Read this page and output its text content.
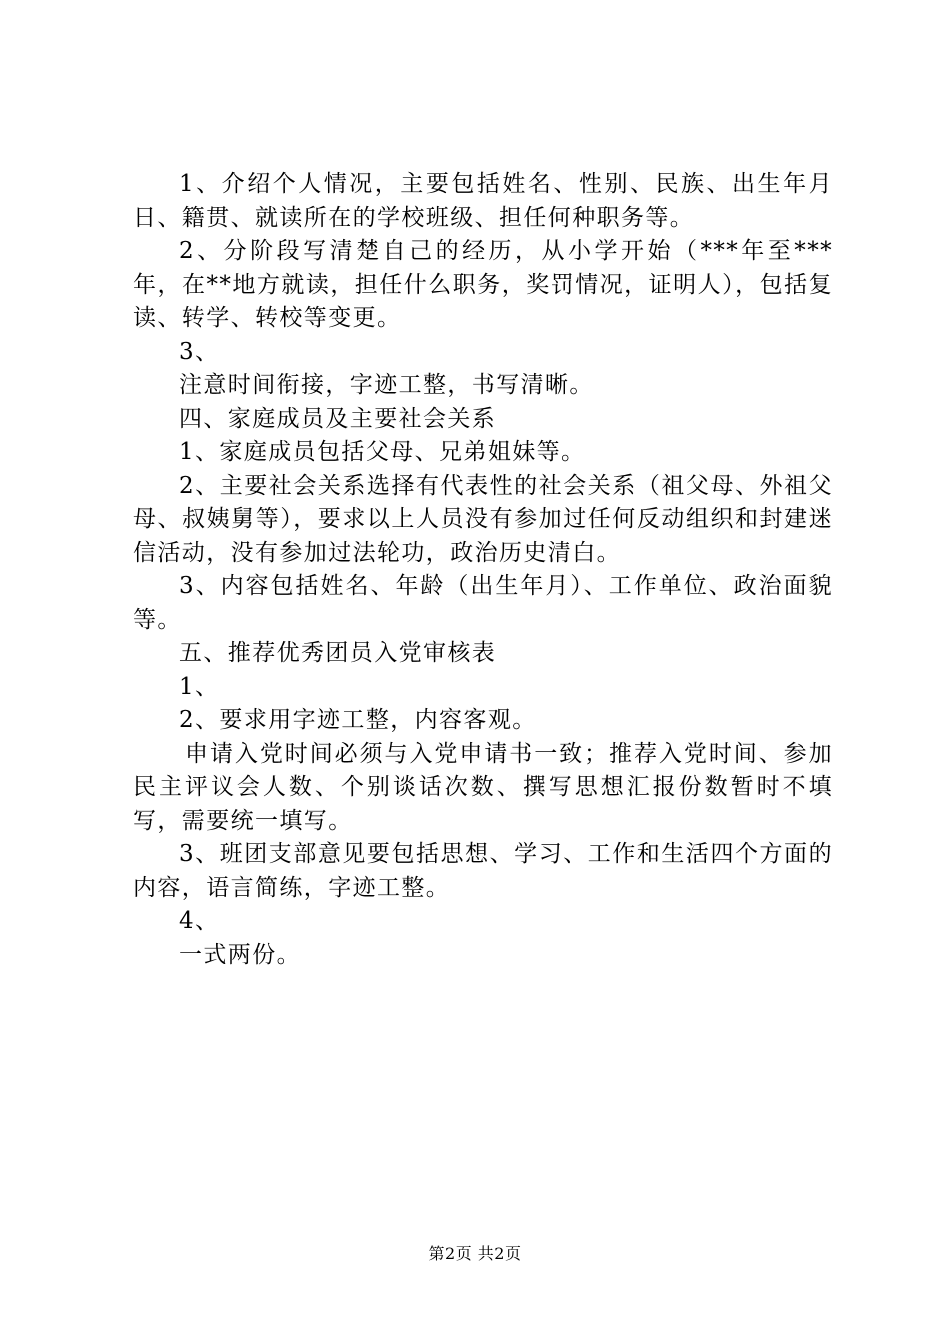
1、介绍个人情况，主要包括姓名、性别、民族、出生年月日、籍贯、就读所在的学校班级、担任何种职务等。

2、分阶段写清楚自己的经历，从小学开始（***年至***年，在**地方就读，担任什么职务，奖罚情况，证明人），包括复读、转学、转校等变更。

3、

注意时间衔接，字迹工整，书写清晰。

四、家庭成员及主要社会关系

1、家庭成员包括父母、兄弟姐妹等。

2、主要社会关系选择有代表性的社会关系（祖父母、外祖父母、叔姨舅等），要求以上人员没有参加过任何反动组织和封建迷信活动，没有参加过法轮功，政治历史清白。

3、内容包括姓名、年龄（出生年月）、工作单位、政治面貌等。

五、推荐优秀团员入党审核表

1、

2、要求用字迹工整，内容客观。

申请入党时间必须与入党申请书一致；推荐入党时间、参加民主评议会人数、个别谈话次数、撰写思想汇报份数暂时不填写，需要统一填写。

3、班团支部意见要包括思想、学习、工作和生活四个方面的内容，语言简练，字迹工整。

4、

一式两份。

第2页 共2页
